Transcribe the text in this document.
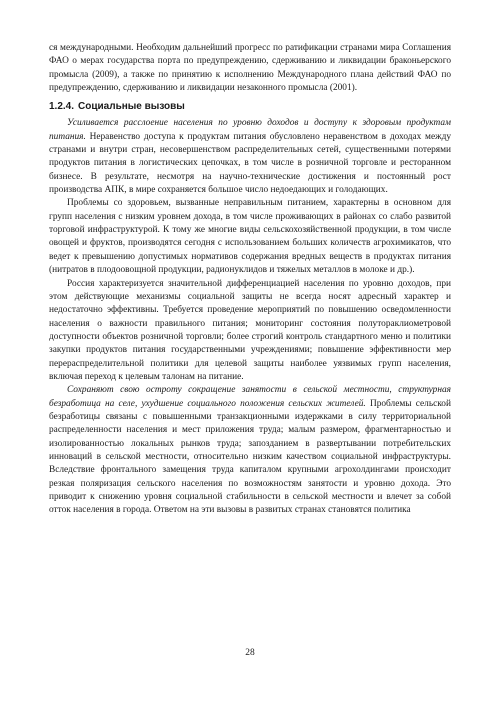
ся международными. Необходим дальнейший прогресс по ратификации странами мира Соглашения ФАО о мерах государства порта по предупреждению, сдерживанию и ликвидации браконьерского промысла (2009), а также по принятию к исполнению Международного плана действий ФАО по предупреждению, сдерживанию и ликвидации незаконного промысла (2001).

1.2.4. Социальные вызовы

Усиливается расслоение населения по уровню доходов и доступу к здоровым продуктам питания. Неравенство доступа к продуктам питания обусловлено неравенством в доходах между странами и внутри стран, несовершенством распределительных сетей, существенными потерями продуктов питания в логистических цепочках, в том числе в розничной торговле и ресторанном бизнесе. В результате, несмотря на научно-технические достижения и постоянный рост производства АПК, в мире сохраняется большое число недоедающих и голодающих.

Проблемы со здоровьем, вызванные неправильным питанием, характерны в основном для групп населения с низким уровнем дохода, в том числе проживающих в районах со слабо развитой торговой инфраструктурой. К тому же многие виды сельскохозяйственной продукции, в том числе овощей и фруктов, производятся сегодня с использованием больших количеств агрохимикатов, что ведет к превышению допустимых нормативов содержания вредных веществ в продуктах питания (нитратов в плодоовощной продукции, радионуклидов и тяжелых металлов в молоке и др.).

Россия характеризуется значительной дифференциацией населения по уровню доходов, при этом действующие механизмы социальной защиты не всегда носят адресный характер и недостаточно эффективны. Требуется проведение мероприятий по повышению осведомленности населения о важности правильного питания; мониторинг состояния полутораклиометровой доступности объектов розничной торговли; более строгий контроль стандартного меню и политики закупки продуктов питания государственными учреждениями; повышение эффективности мер перераспределительной политики для целевой защиты наиболее уязвимых групп населения, включая переход к целевым талонам на питание.

Сохраняют свою остроту сокращение занятости в сельской местности, структурная безработица на селе, ухудшение социального положения сельских жителей. Проблемы сельской безработицы связаны с повышенными транзакционными издержками в силу территориальной распределенности населения и мест приложения труда; малым размером, фрагментарностью и изолированностью локальных рынков труда; запозданием в развертывании потребительских инноваций в сельской местности, относительно низким качеством социальной инфраструктуры. Вследствие фронтального замещения труда капиталом крупными агрохолдингами происходит резкая поляризация сельского населения по возможностям занятости и уровню дохода. Это приводит к снижению уровня социальной стабильности в сельской местности и влечет за собой отток населения в города. Ответом на эти вызовы в развитых странах становятся политика

28
